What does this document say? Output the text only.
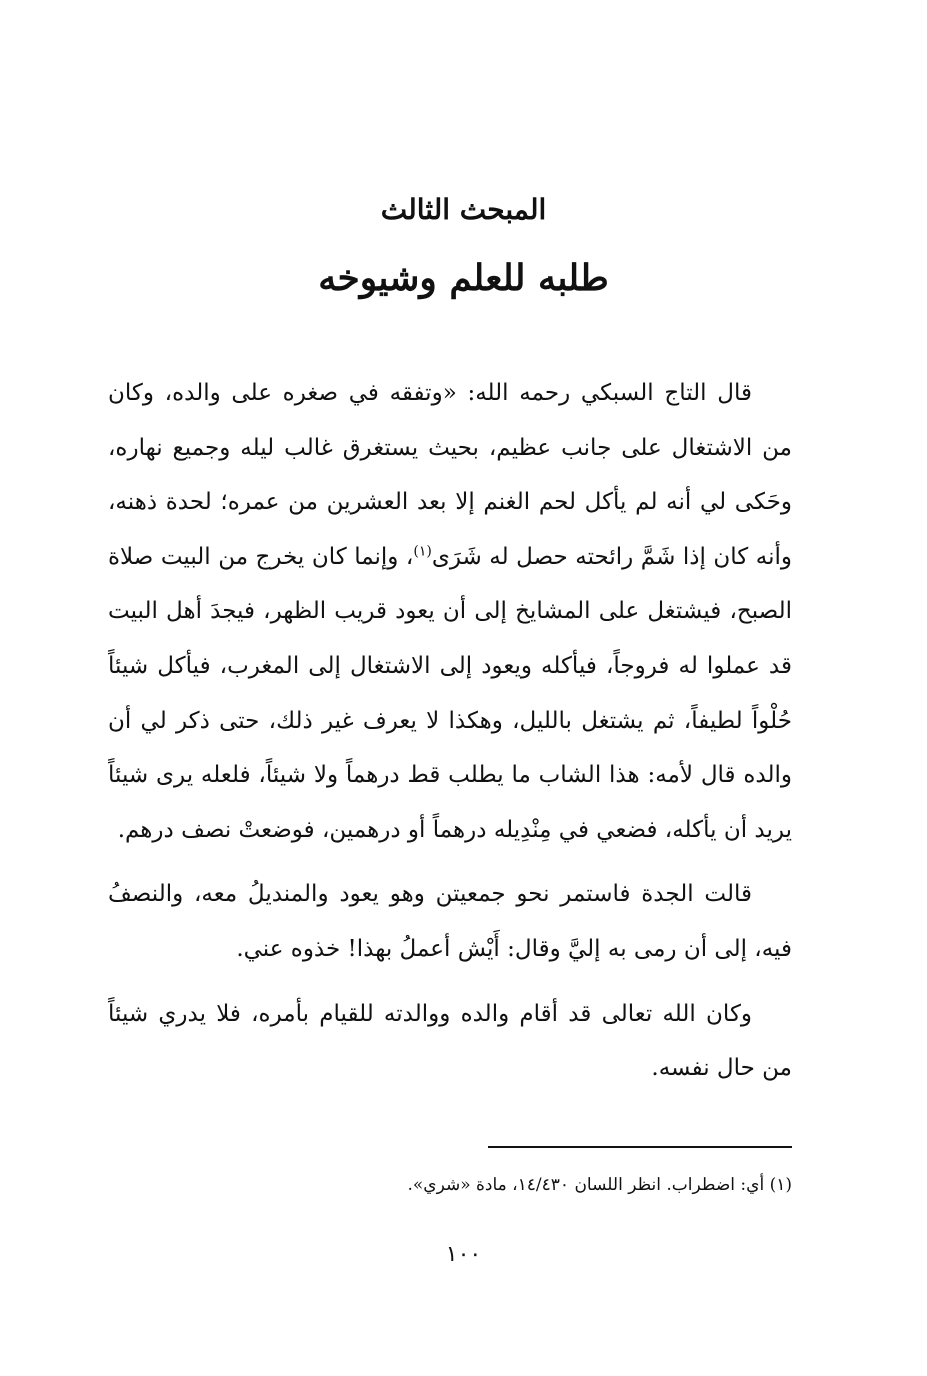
المبحث الثالث
طلبه للعلم وشيوخه

قال التاج السبكي رحمه الله: «وتفقه في صغره على والده، وكان من الاشتغال على جانب عظيم، بحيث يستغرق غالب ليله وجميع نهاره، وحَكى لي أنه لم يأكل لحم الغنم إلا بعد العشرين من عمره؛ لحدة ذهنه، وأنه كان إذا شَمَّ رائحته حصل له شَرَى$^{(١)}$، وإنما كان يخرج من البيت صلاة الصبح، فيشتغل على المشايخ إلى أن يعود قريب الظهر، فيجدَ أهل البيت قد عملوا له فروجاً، فيأكله ويعود إلى الاشتغال إلى المغرب، فيأكل شيئاً حُلْواً لطيفاً، ثم يشتغل بالليل، وهكذا لا يعرف غير ذلك، حتى ذكر لي أن والده قال لأمه: هذا الشاب ما يطلب قط درهماً ولا شيئاً، فلعله يرى شيئاً يريد أن يأكله، فضعي في مِنْدِيله درهماً أو درهمين، فوضعتْ نصف درهم.

قالت الجدة فاستمر نحو جمعيتن وهو يعود والمنديلُ معه، والنصفُ فيه، إلى أن رمى به إليَّ وقال: أَيْش أعملُ بهذا! خذوه عني.

وكان الله تعالى قد أقام والده ووالدته للقيام بأمره، فلا يدري شيئاً من حال نفسه.

(١) أي: اضطراب. انظر اللسان ١٤/٤٣٠، مادة «شري».
١٠٠
